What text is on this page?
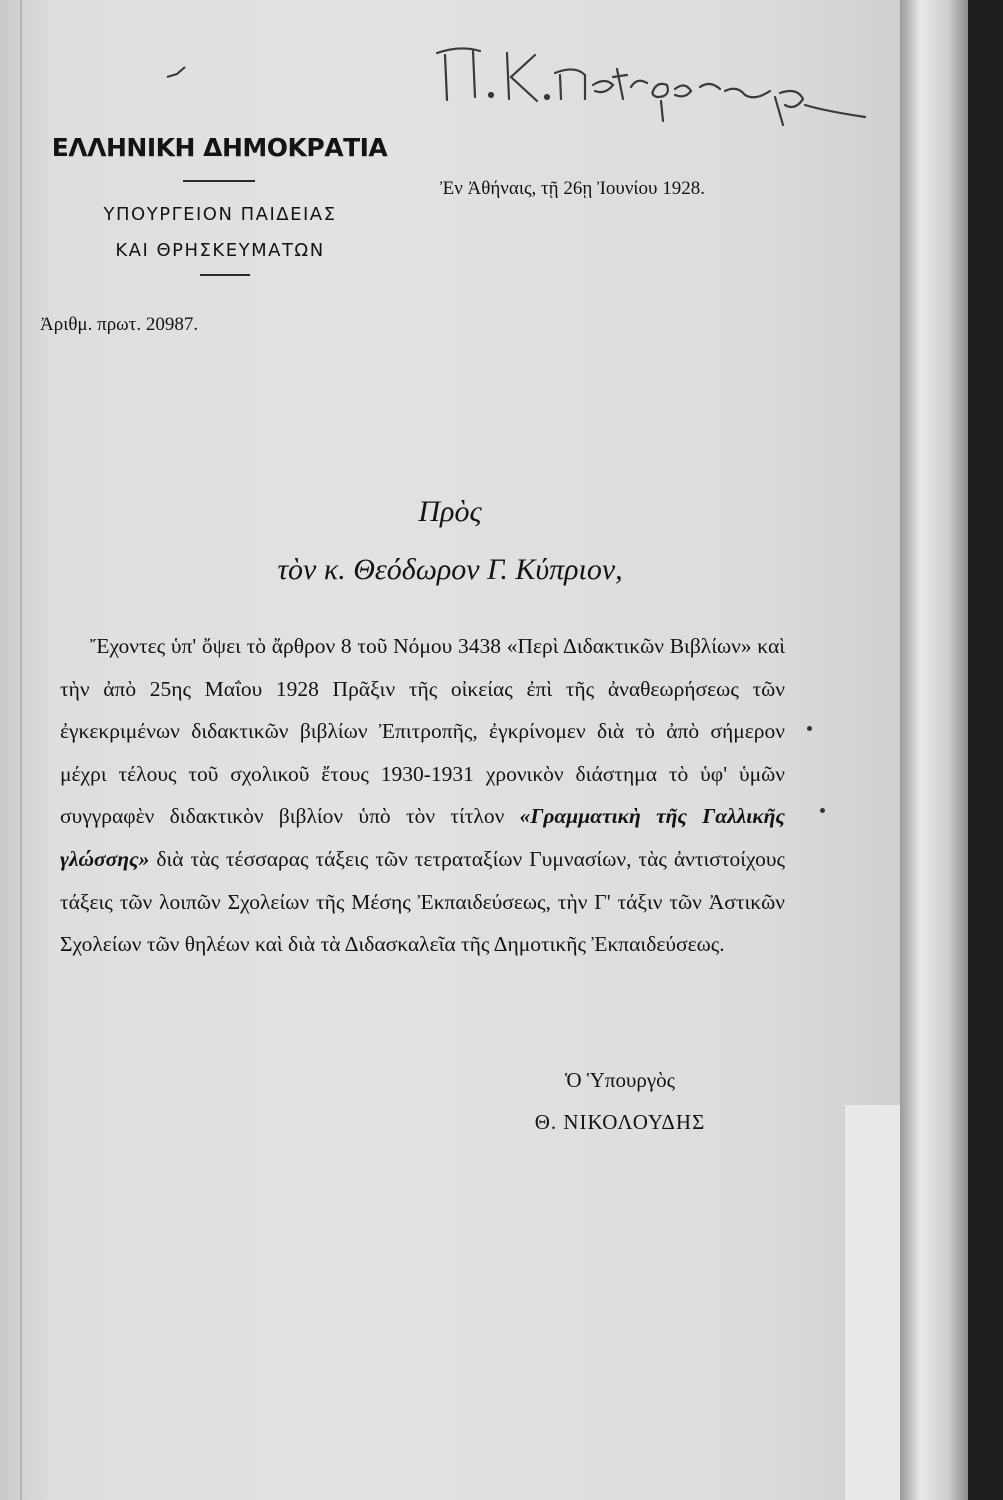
ΕΛΛΗΝΙΚΗ ΔΗΜΟΚΡΑΤΙΑ
ΥΠΟΥΡΓΕΙΟΝ ΠΑΙΔΕΙΑΣ
ΚΑΙ ΘΡΗΣΚΕΥΜΑΤΩΝ
Ἀριθμ. πρωτ. 20987.
Ἐν Ἀθήναις, τῇ 26ῃ Ἰουνίου 1928.
Πρὸς
τὸν κ. Θεόδωρον Γ. Κύπριον,

Ἔχοντες ὑπ' ὄψει τὸ ἄρθρον 8 τοῦ Νόμου 3438 «Περὶ Διδακτικῶν Βιβλίων» καὶ τὴν ἀπὸ 25ης Μαΐου 1928 Πρᾶξιν τῆς οἰκείας ἐπὶ τῆς ἀναθεωρήσεως τῶν ἐγκεκριμένων διδακτικῶν βιβλίων Ἐπιτροπῆς, ἐγκρίνομεν διὰ τὸ ἀπὸ σήμερον μέχρι τέλους τοῦ σχολικοῦ ἔτους 1930-1931 χρονικὸν διάστημα τὸ ὑφ' ὑμῶν συγγραφὲν διδακτικὸν βιβλίον ὑπὸ τὸν τίτλον «Γραμματικὴ τῆς Γαλλικῆς γλώσσης» διὰ τὰς τέσσαρας τάξεις τῶν τετραταξίων Γυμνασίων, τὰς ἀντιστοίχους τάξεις τῶν λοιπῶν Σχολείων τῆς Μέσης Ἐκπαιδεύσεως, τὴν Γ' τάξιν τῶν Ἀστικῶν Σχολείων τῶν θηλέων καὶ διὰ τὰ Διδασκαλεῖα τῆς Δημοτικῆς Ἐκπαιδεύσεως.

Ὁ Ὑπουργὸς
Θ. ΝΙΚΟΛΟΥΔΗΣ
